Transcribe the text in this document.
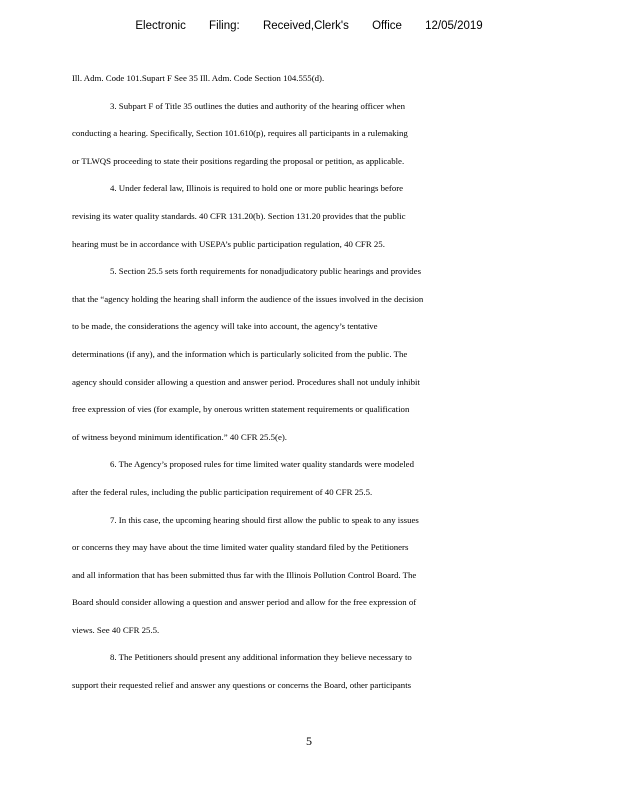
Electronic Filing: Received,Clerk's Office 12/05/2019
Ill. Adm. Code 101.Supart F See 35 Ill. Adm. Code Section 104.555(d).
3. Subpart F of Title 35 outlines the duties and authority of the hearing officer when
conducting a hearing. Specifically, Section 101.610(p), requires all participants in a rulemaking
or TLWQS proceeding to state their positions regarding the proposal or petition, as applicable.
4. Under federal law, Illinois is required to hold one or more public hearings before
revising its water quality standards. 40 CFR 131.20(b). Section 131.20 provides that the public
hearing must be in accordance with USEPA’s public participation regulation, 40 CFR 25.
5. Section 25.5 sets forth requirements for nonadjudicatory public hearings and provides
that the “agency holding the hearing shall inform the audience of the issues involved in the decision
to be made, the considerations the agency will take into account, the agency’s tentative
determinations (if any), and the information which is particularly solicited from the public. The
agency should consider allowing a question and answer period. Procedures shall not unduly inhibit
free expression of vies (for example, by onerous written statement requirements or qualification
of witness beyond minimum identification.” 40 CFR 25.5(e).
6. The Agency’s proposed rules for time limited water quality standards were modeled
after the federal rules, including the public participation requirement of 40 CFR 25.5.
7. In this case, the upcoming hearing should first allow the public to speak to any issues
or concerns they may have about the time limited water quality standard filed by the Petitioners
and all information that has been submitted thus far with the Illinois Pollution Control Board. The
Board should consider allowing a question and answer period and allow for the free expression of
views. See 40 CFR 25.5.
8. The Petitioners should present any additional information they believe necessary to
support their requested relief and answer any questions or concerns the Board, other participants
5
